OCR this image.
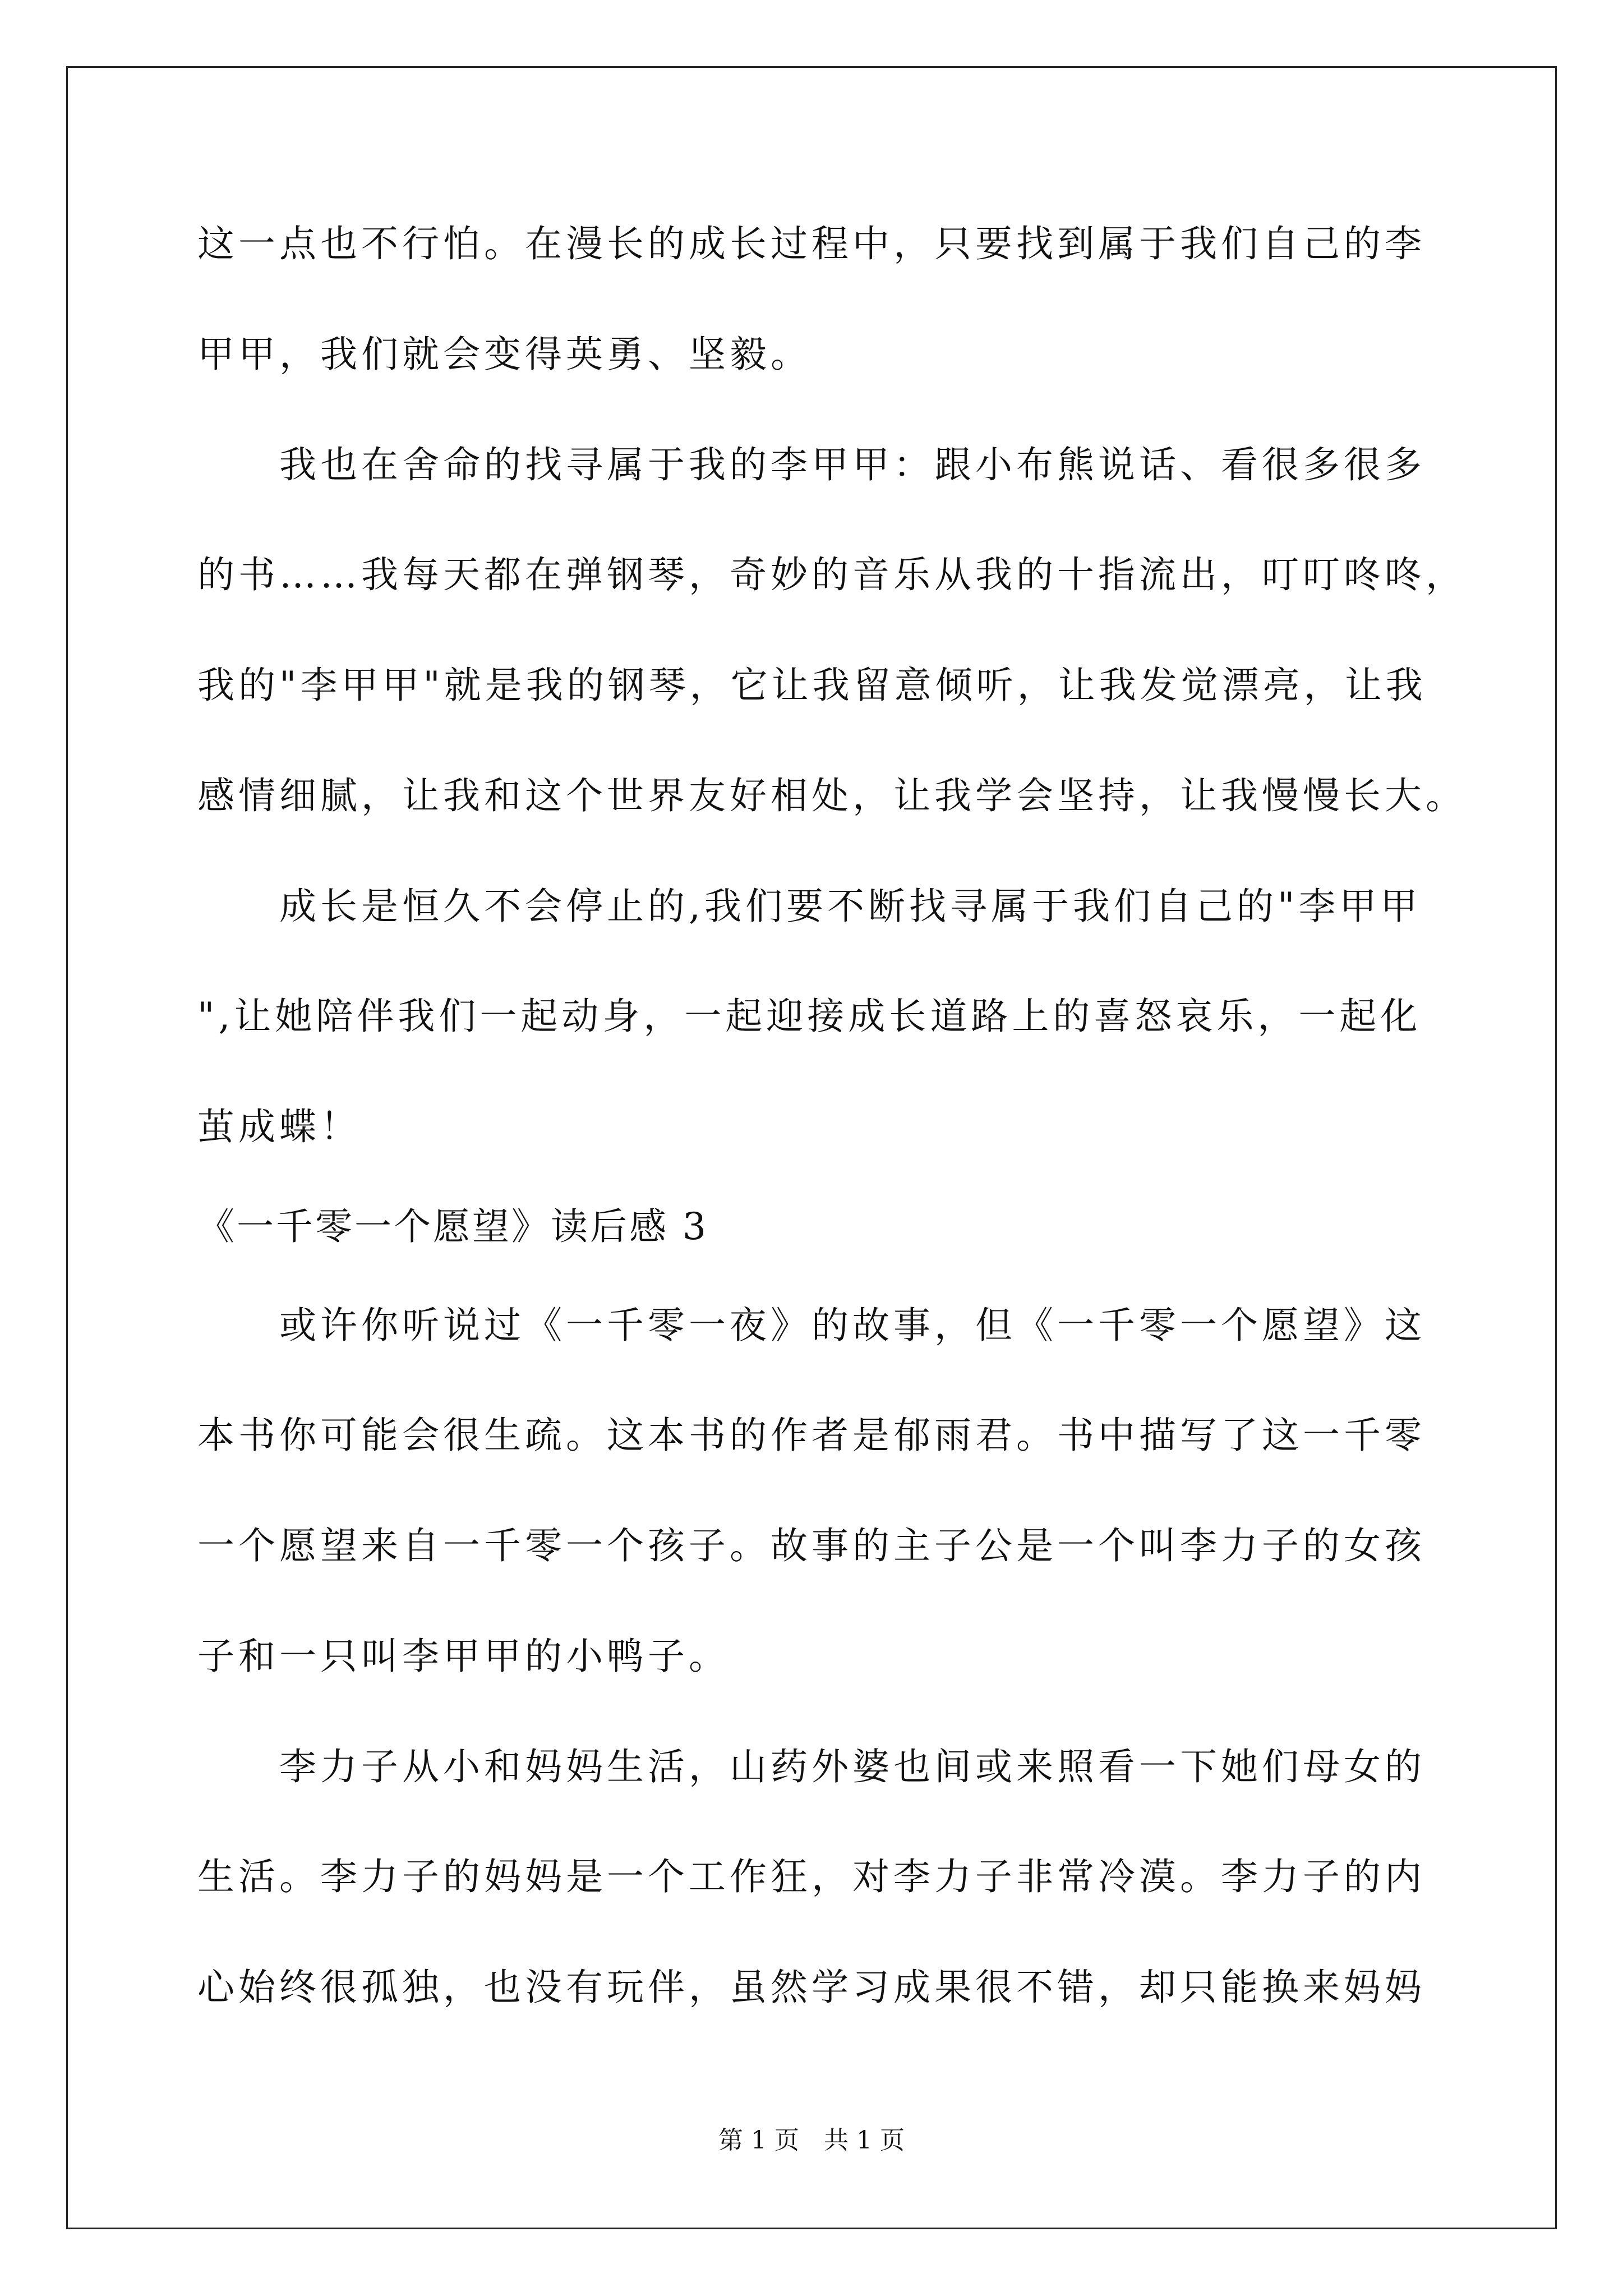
这一点也不行怕。在漫长的成长过程中，只要找到属于我们自己的李
甲甲，我们就会变得英勇、坚毅。
　　我也在舍命的找寻属于我的李甲甲：跟小布熊说话、看很多很多
的书……我每天都在弹钢琴，奇妙的音乐从我的十指流出，叮叮咚咚，
我的"李甲甲"就是我的钢琴，它让我留意倾听，让我发觉漂亮，让我
感情细腻，让我和这个世界友好相处，让我学会坚持，让我慢慢长大。
　　成长是恒久不会停止的,我们要不断找寻属于我们自己的"李甲甲
",让她陪伴我们一起动身，一起迎接成长道路上的喜怒哀乐，一起化
茧成蝶！
《一千零一个愿望》读后感 3
　　或许你听说过《一千零一夜》的故事，但《一千零一个愿望》这
本书你可能会很生疏。这本书的作者是郁雨君。书中描写了这一千零
一个愿望来自一千零一个孩子。故事的主子公是一个叫李力子的女孩
子和一只叫李甲甲的小鸭子。
　　李力子从小和妈妈生活，山药外婆也间或来照看一下她们母女的
生活。李力子的妈妈是一个工作狂，对李力子非常冷漠。李力子的内
心始终很孤独，也没有玩伴，虽然学习成果很不错，却只能换来妈妈
第 1 页　共 1 页
